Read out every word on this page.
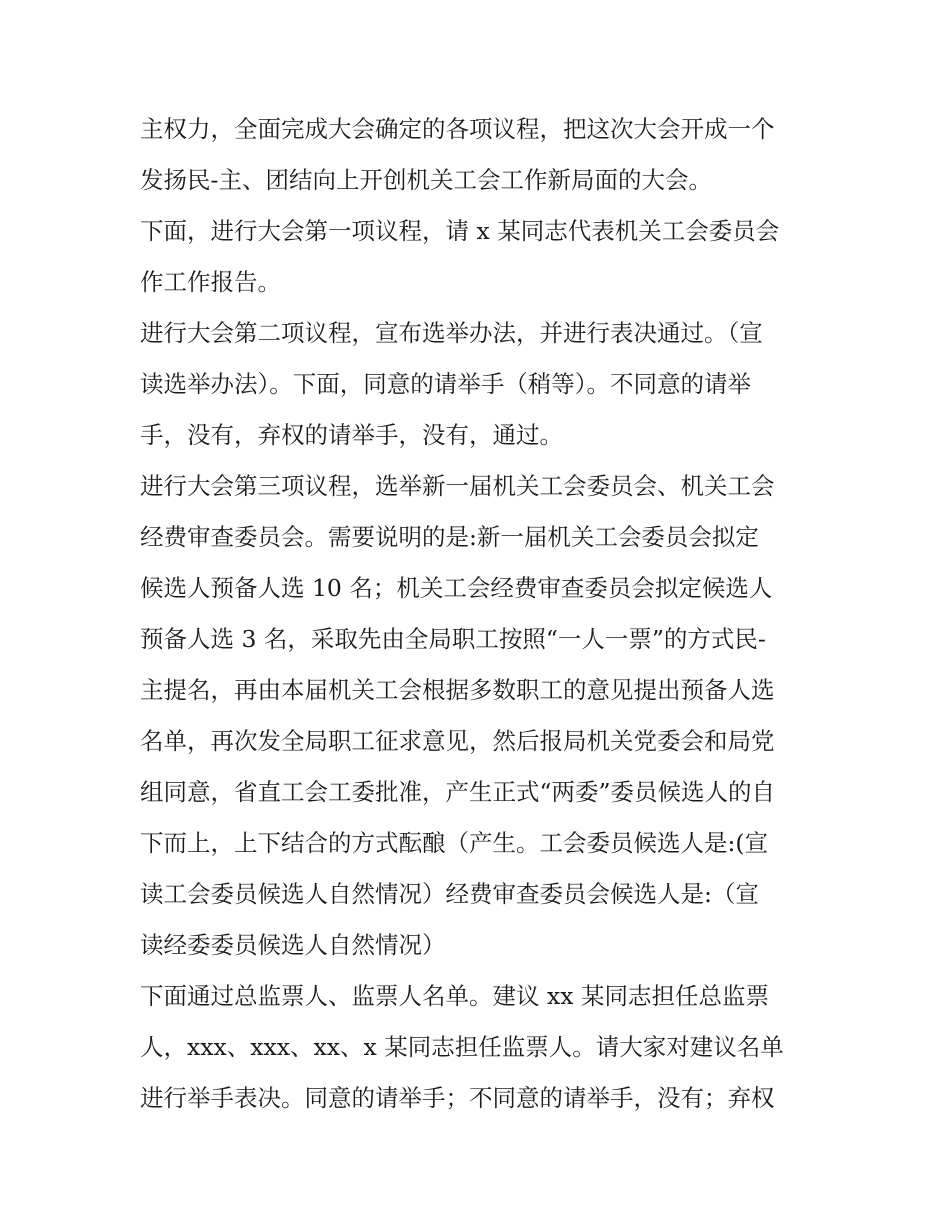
主权力，全面完成大会确定的各项议程，把这次大会开成一个
发扬民-主、团结向上开创机关工会工作新局面的大会。
下面，进行大会第一项议程，请 x 某同志代表机关工会委员会
作工作报告。
进行大会第二项议程，宣布选举办法，并进行表决通过。（宣
读选举办法）。下面，同意的请举手（稍等）。不同意的请举
手，没有，弃权的请举手，没有，通过。
进行大会第三项议程，选举新一届机关工会委员会、机关工会
经费审查委员会。需要说明的是:新一届机关工会委员会拟定
候选人预备人选 10 名；机关工会经费审查委员会拟定候选人
预备人选 3 名，采取先由全局职工按照“一人一票”的方式民-
主提名，再由本届机关工会根据多数职工的意见提出预备人选
名单，再次发全局职工征求意见，然后报局机关党委会和局党
组同意，省直工会工委批准，产生正式“两委”委员候选人的自
下而上，上下结合的方式酝酿（产生。工会委员候选人是:(宣
读工会委员候选人自然情况）经费审查委员会候选人是:（宣
读经委委员候选人自然情况）
下面通过总监票人、监票人名单。建议 xx 某同志担任总监票
人，xxx、xxx、xx、x 某同志担任监票人。请大家对建议名单
进行举手表决。同意的请举手；不同意的请举手，没有；弃权
